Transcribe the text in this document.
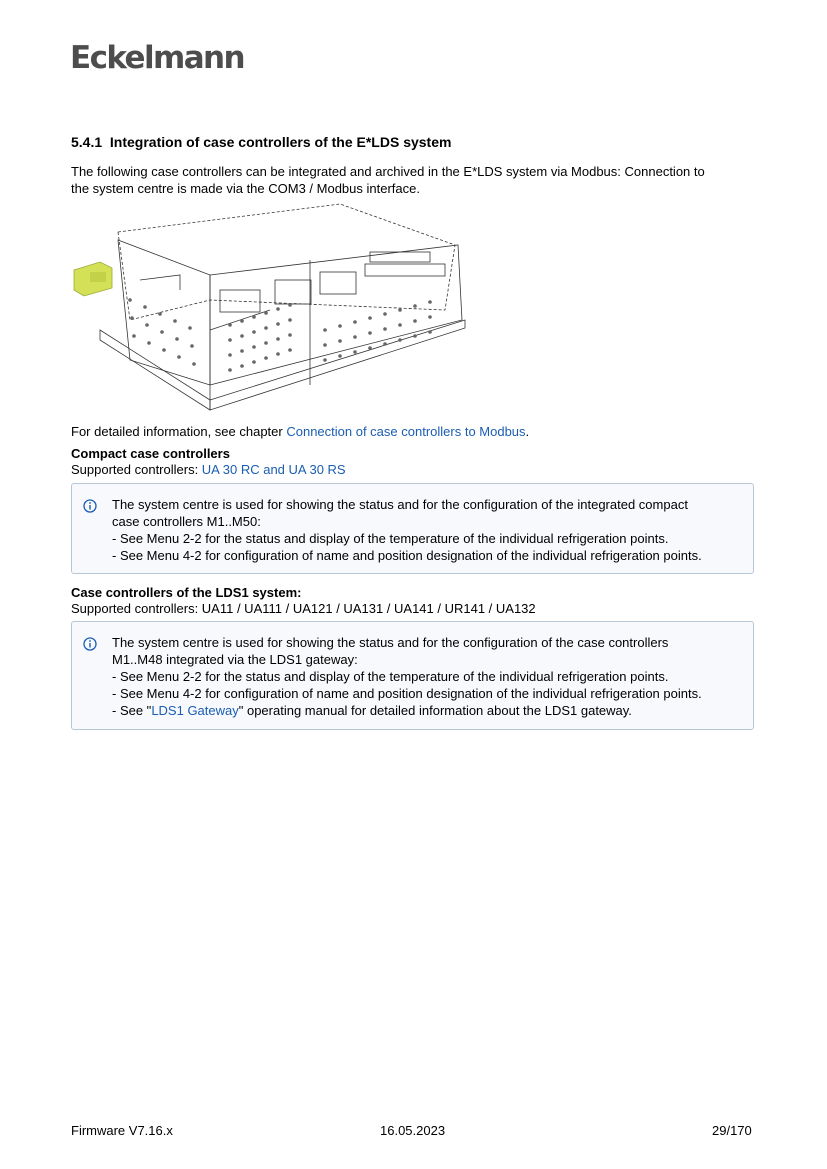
Eckelmann
5.4.1 Integration of case controllers of the E*LDS system
The following case controllers can be integrated and archived in the E*LDS system via Modbus: Connection to
the system centre is made via the COM3 / Modbus interface.
For detailed information, see chapter Connection of case controllers to Modbus.
Compact case controllers
Supported controllers: UA 30 RC and UA 30 RS
The system centre is used for showing the status and for the configuration of the integrated compact
case controllers M1..M50:
- See Menu 2-2 for the status and display of the temperature of the individual refrigeration points.
- See Menu 4-2 for configuration of name and position designation of the individual refrigeration points.
Case controllers of the LDS1 system:
Supported controllers: UA11 / UA111 / UA121 / UA131 / UA141 / UR141 / UA132
The system centre is used for showing the status and for the configuration of the case controllers
M1..M48 integrated via the LDS1 gateway:
- See Menu 2-2 for the status and display of the temperature of the individual refrigeration points.
- See Menu 4-2 for configuration of name and position designation of the individual refrigeration points.
- See "LDS1 Gateway" operating manual for detailed information about the LDS1 gateway.
Firmware V7.16.x	16.05.2023	29/170
